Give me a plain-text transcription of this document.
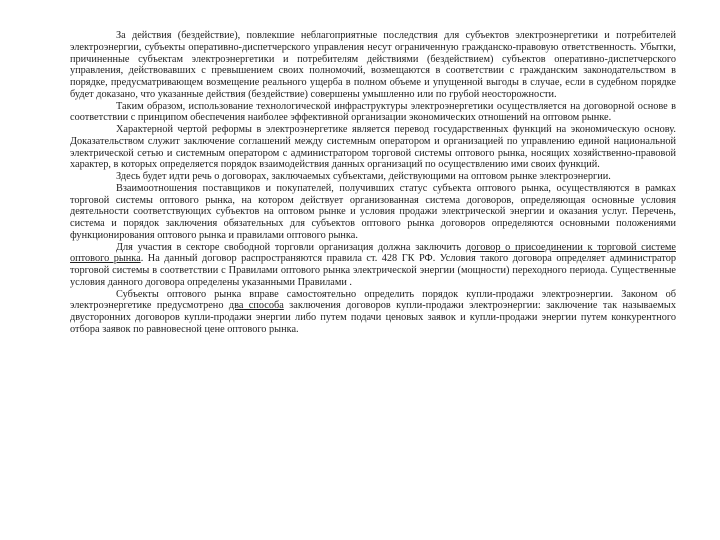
За действия (бездействие), повлекшие неблагоприятные последствия для субъектов электроэнергетики и потребителей электроэнергии, субъекты оперативно-диспетчерского управления несут ограниченную гражданско-правовую ответственность. Убытки, причиненные субъектам электроэнергетики и потребителям действиями (бездействием) субъектов оперативно-диспетчерского управления, действовавших с превышением своих полномочий, возмещаются в соответствии с гражданским законодательством в порядке, предусматривающем возмещение реального ущерба в полном объеме и упущенной выгоды в случае, если в судебном порядке будет доказано, что указанные действия (бездействие) совершены умышленно или по грубой неосторожности.

Таким образом, использование технологической инфраструктуры электроэнергетики осуществляется на договорной основе в соответствии с принципом обеспечения наиболее эффективной организации экономических отношений на оптовом рынке.

Характерной чертой реформы в электроэнергетике является перевод государственных функций на экономическую основу. Доказательством служит заключение соглашений между системным оператором и организацией по управлению единой национальной электрической сетью и системным оператором с администратором торговой системы оптового рынка, носящих хозяйственно-правовой характер, в которых определяется порядок взаимодействия данных организаций по осуществлению ими своих функций.

Здесь будет идти речь о договорах, заключаемых субъектами, действующими на оптовом рынке электроэнергии.

Взаимоотношения поставщиков и покупателей, получивших статус субъекта оптового рынка, осуществляются в рамках торговой системы оптового рынка, на котором действует организованная система договоров, определяющая основные условия деятельности соответствующих субъектов на оптовом рынке и условия продажи электрической энергии и оказания услуг. Перечень, система и порядок заключения обязательных для субъектов оптового рынка договоров определяются основными положениями функционирования оптового рынка и правилами оптового рынка.

Для участия в секторе свободной торговли организация должна заключить договор о присоединении к торговой системе оптового рынка. На данный договор распространяются правила ст. 428 ГК РФ. Условия такого договора определяет администратор торговой системы в соответствии с Правилами оптового рынка электрической энергии (мощности) переходного периода. Существенные условия данного договора определены указанными Правилами .

Субъекты оптового рынка вправе самостоятельно определить порядок купли-продажи электроэнергии. Законом об электроэнергетике предусмотрено два способа заключения договоров купли-продажи электроэнергии: заключение так называемых двусторонних договоров купли-продажи энергии либо путем подачи ценовых заявок и купли-продажи энергии путем конкурентного отбора заявок по равновесной цене оптового рынка.
